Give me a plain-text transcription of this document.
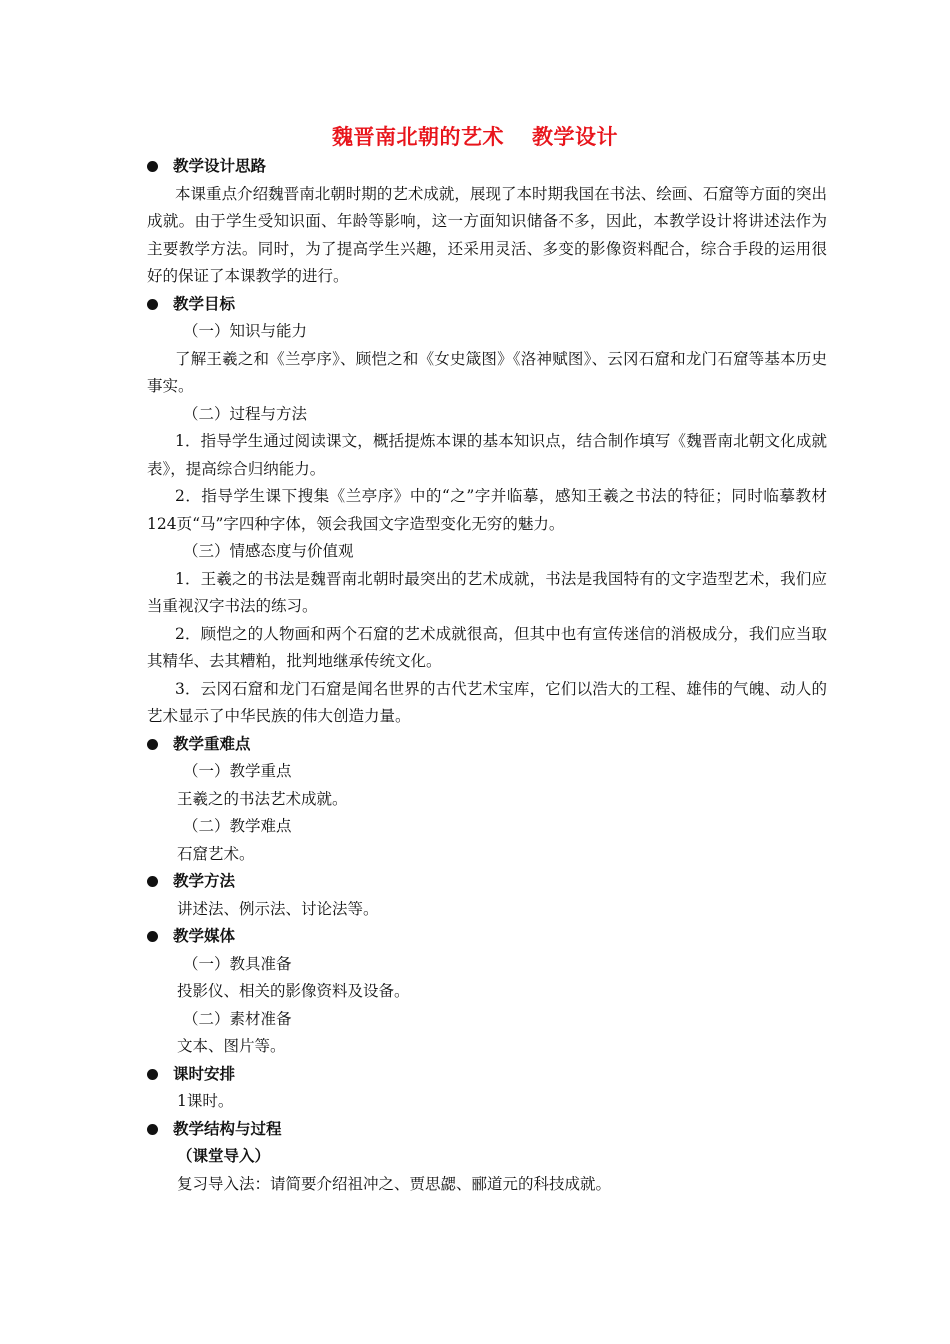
魏晋南北朝的艺术 教学设计
教学设计思路

本课重点介绍魏晋南北朝时期的艺术成就，展现了本时期我国在书法、绘画、石窟等方面的突出成就。由于学生受知识面、年龄等影响，这一方面知识储备不多，因此，本教学设计将讲述法作为主要教学方法。同时，为了提高学生兴趣，还采用灵活、多变的影像资料配合，综合手段的运用很好的保证了本课教学的进行。

教学目标
（一）知识与能力

了解王羲之和《兰亭序》、顾恺之和《女史箴图》《洛神赋图》、云冈石窟和龙门石窟等基本历史事实。

（二）过程与方法

1．指导学生通过阅读课文，概括提炼本课的基本知识点，结合制作填写《魏晋南北朝文化成就表》，提高综合归纳能力。

2．指导学生课下搜集《兰亭序》中的“之”字并临摹，感知王羲之书法的特征；同时临摹教材124页“马”字四种字体，领会我国文字造型变化无穷的魅力。

（三）情感态度与价值观

1．王羲之的书法是魏晋南北朝时最突出的艺术成就，书法是我国特有的文字造型艺术，我们应当重视汉字书法的练习。

2．顾恺之的人物画和两个石窟的艺术成就很高，但其中也有宣传迷信的消极成分，我们应当取其精华、去其糟粕，批判地继承传统文化。

3．云冈石窟和龙门石窟是闻名世界的古代艺术宝库，它们以浩大的工程、雄伟的气魄、动人的艺术显示了中华民族的伟大创造力量。

教学重难点
（一）教学重点
王羲之的书法艺术成就。
（二）教学难点
石窟艺术。
教学方法
讲述法、例示法、讨论法等。
教学媒体
（一）教具准备
投影仪、相关的影像资料及设备。
（二）素材准备
文本、图片等。
课时安排
1课时。
教学结构与过程
（课堂导入）
复习导入法：请简要介绍祖冲之、贾思勰、郦道元的科技成就。
